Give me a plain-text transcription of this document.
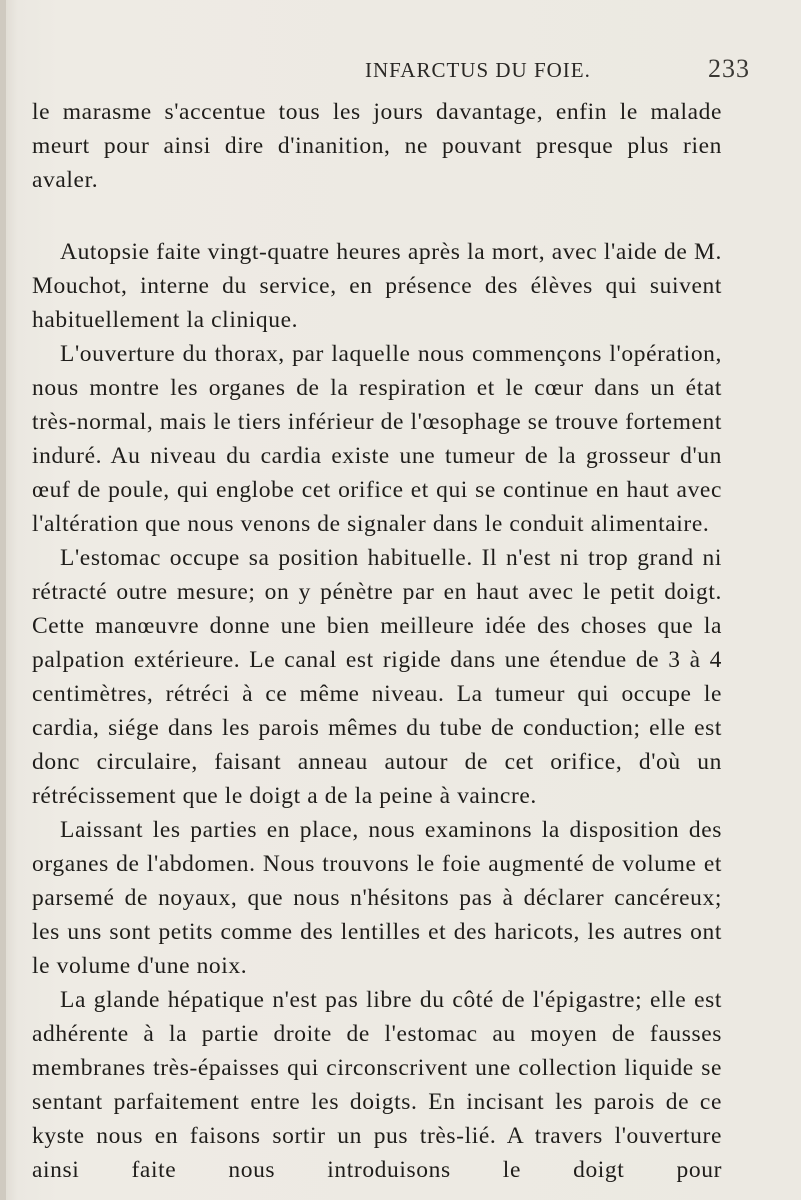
INFARCTUS DU FOIE.	233

le marasme s'accentue tous les jours davantage, enfin le malade meurt pour ainsi dire d'inanition, ne pouvant presque plus rien avaler.

Autopsie faite vingt-quatre heures après la mort, avec l'aide de M. Mouchot, interne du service, en présence des élèves qui suivent habituellement la clinique.

L'ouverture du thorax, par laquelle nous commençons l'opération, nous montre les organes de la respiration et le cœur dans un état très-normal, mais le tiers inférieur de l'œsophage se trouve fortement induré. Au niveau du cardia existe une tumeur de la grosseur d'un œuf de poule, qui englobe cet orifice et qui se continue en haut avec l'altération que nous venons de signaler dans le conduit alimentaire.

L'estomac occupe sa position habituelle. Il n'est ni trop grand ni rétracté outre mesure; on y pénètre par en haut avec le petit doigt. Cette manœuvre donne une bien meilleure idée des choses que la palpation extérieure. Le canal est rigide dans une étendue de 3 à 4 centimètres, rétréci à ce même niveau. La tumeur qui occupe le cardia, siége dans les parois mêmes du tube de conduction; elle est donc circulaire, faisant anneau autour de cet orifice, d'où un rétrécissement que le doigt a de la peine à vaincre.

Laissant les parties en place, nous examinons la disposition des organes de l'abdomen. Nous trouvons le foie augmenté de volume et parsemé de noyaux, que nous n'hésitons pas à déclarer cancéreux; les uns sont petits comme des lentilles et des haricots, les autres ont le volume d'une noix.

La glande hépatique n'est pas libre du côté de l'épigastre; elle est adhérente à la partie droite de l'estomac au moyen de fausses membranes très-épaisses qui circonscrivent une collection liquide se sentant parfaitement entre les doigts. En incisant les parois de ce kyste nous en faisons sortir un pus très-lié. A travers l'ouverture ainsi faite nous introduisons le doigt pour
